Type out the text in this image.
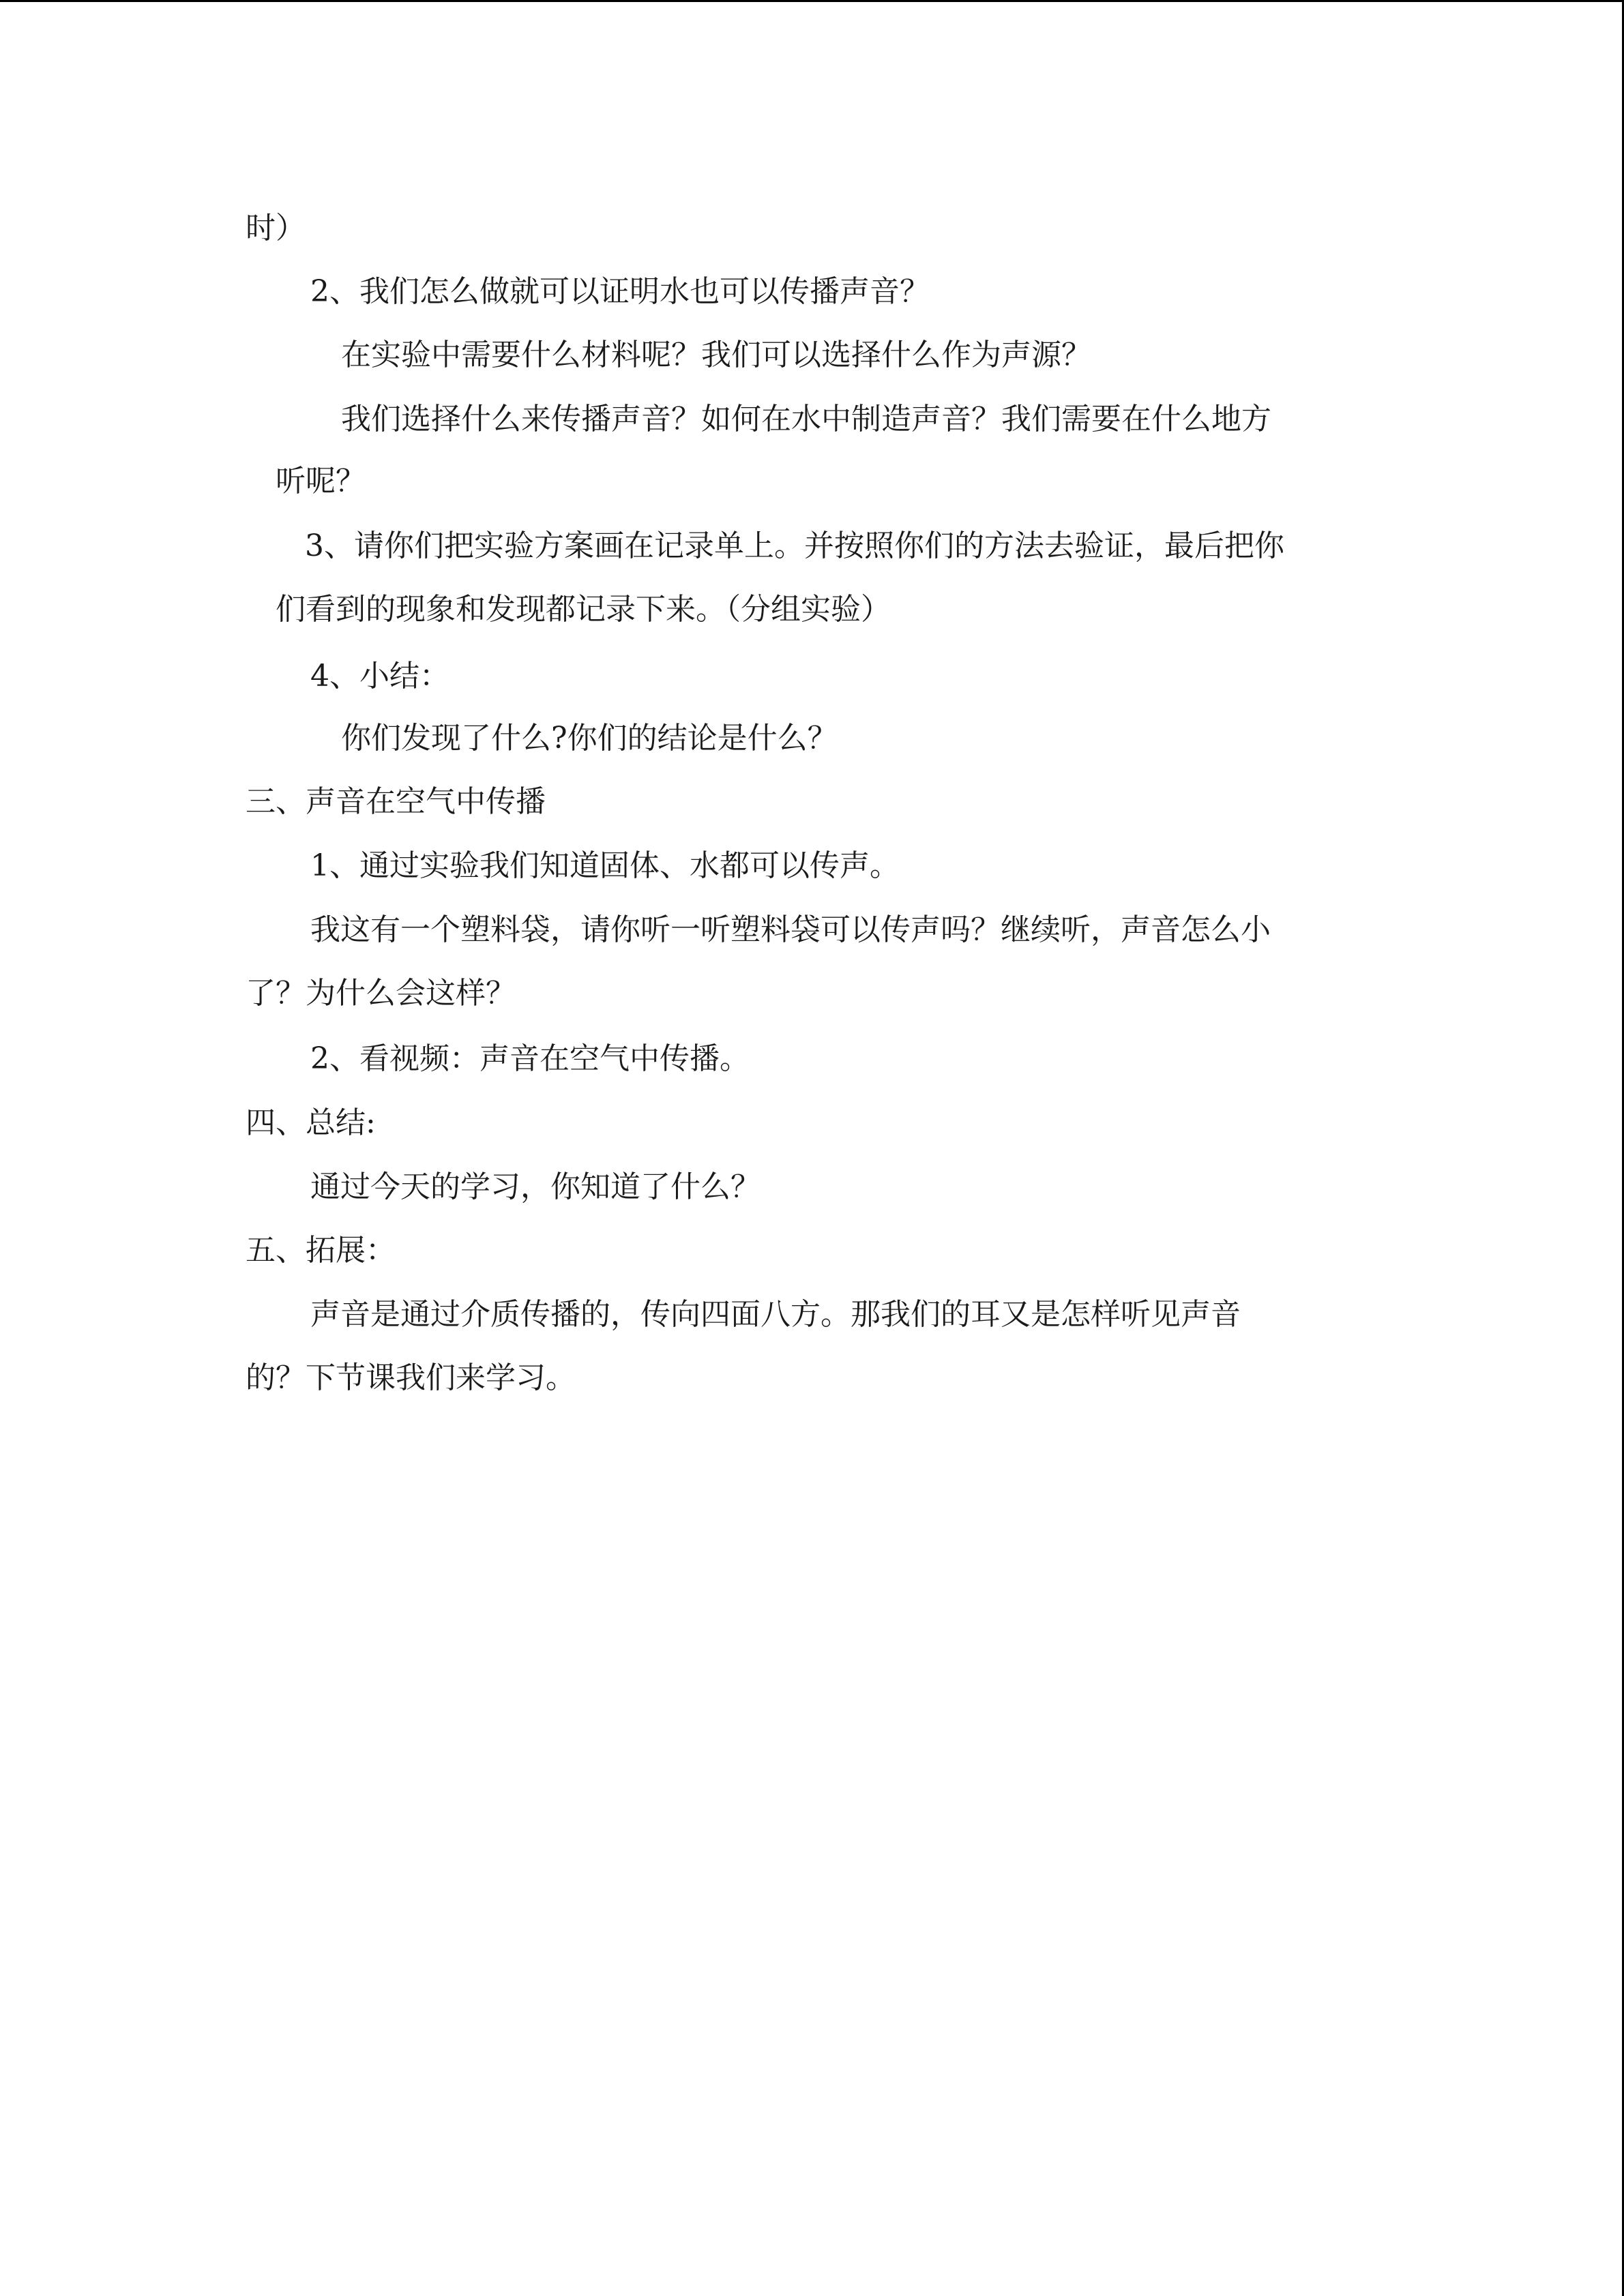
时）
2、我们怎么做就可以证明水也可以传播声音？
在实验中需要什么材料呢？我们可以选择什么作为声源？
我们选择什么来传播声音？如何在水中制造声音？我们需要在什么地方
听呢？
3、请你们把实验方案画在记录单上。并按照你们的方法去验证，最后把你
们看到的现象和发现都记录下来。（分组实验）
4、小结：
你们发现了什么?你们的结论是什么？
三、声音在空气中传播
1、通过实验我们知道固体、水都可以传声。
我这有一个塑料袋，请你听一听塑料袋可以传声吗？继续听，声音怎么小
了？为什么会这样？
2、看视频：声音在空气中传播。
四、总结:
通过今天的学习，你知道了什么？
五、拓展：
声音是通过介质传播的，传向四面八方。那我们的耳又是怎样听见声音
的？下节课我们来学习。
